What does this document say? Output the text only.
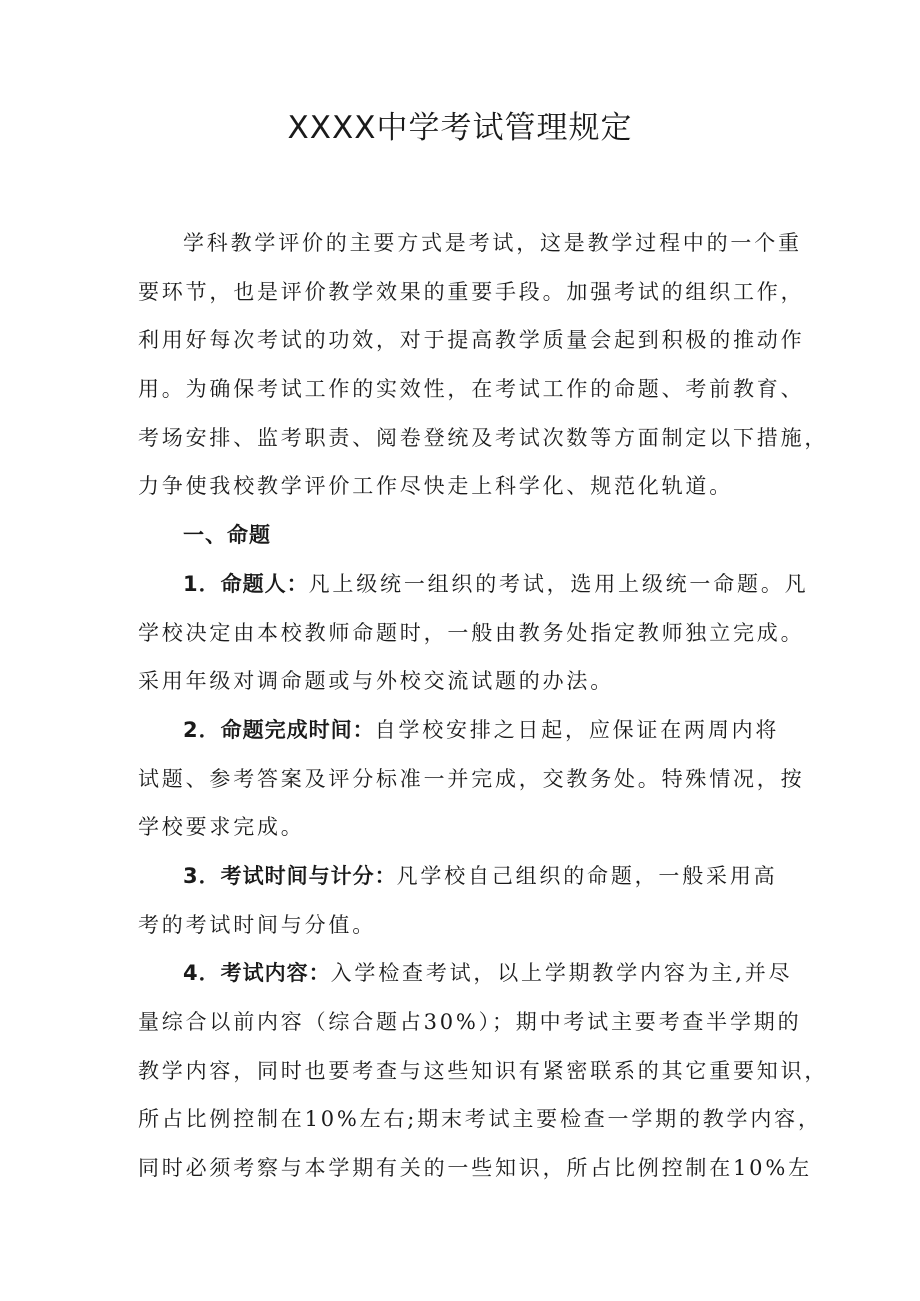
XXXX中学考试管理规定
学科教学评价的主要方式是考试，这是教学过程中的一个重
要环节，也是评价教学效果的重要手段。加强考试的组织工作，
利用好每次考试的功效，对于提高教学质量会起到积极的推动作
用。为确保考试工作的实效性，在考试工作的命题、考前教育、
考场安排、监考职责、阅卷登统及考试次数等方面制定以下措施，
力争使我校教学评价工作尽快走上科学化、规范化轨道。
一、命题
1．命题人：凡上级统一组织的考试，选用上级统一命题。凡
学校决定由本校教师命题时，一般由教务处指定教师独立完成。
采用年级对调命题或与外校交流试题的办法。
2．命题完成时间：自学校安排之日起，应保证在两周内将
试题、参考答案及评分标准一并完成，交教务处。特殊情况，按
学校要求完成。
3．考试时间与计分：凡学校自己组织的命题，一般采用高
考的考试时间与分值。
4．考试内容：入学检查考试，以上学期教学内容为主,并尽
量综合以前内容（综合题占30%）；期中考试主要考查半学期的
教学内容，同时也要考查与这些知识有紧密联系的其它重要知识，
所占比例控制在10%左右;期末考试主要检查一学期的教学内容，
同时必须考察与本学期有关的一些知识，所占比例控制在10%左
